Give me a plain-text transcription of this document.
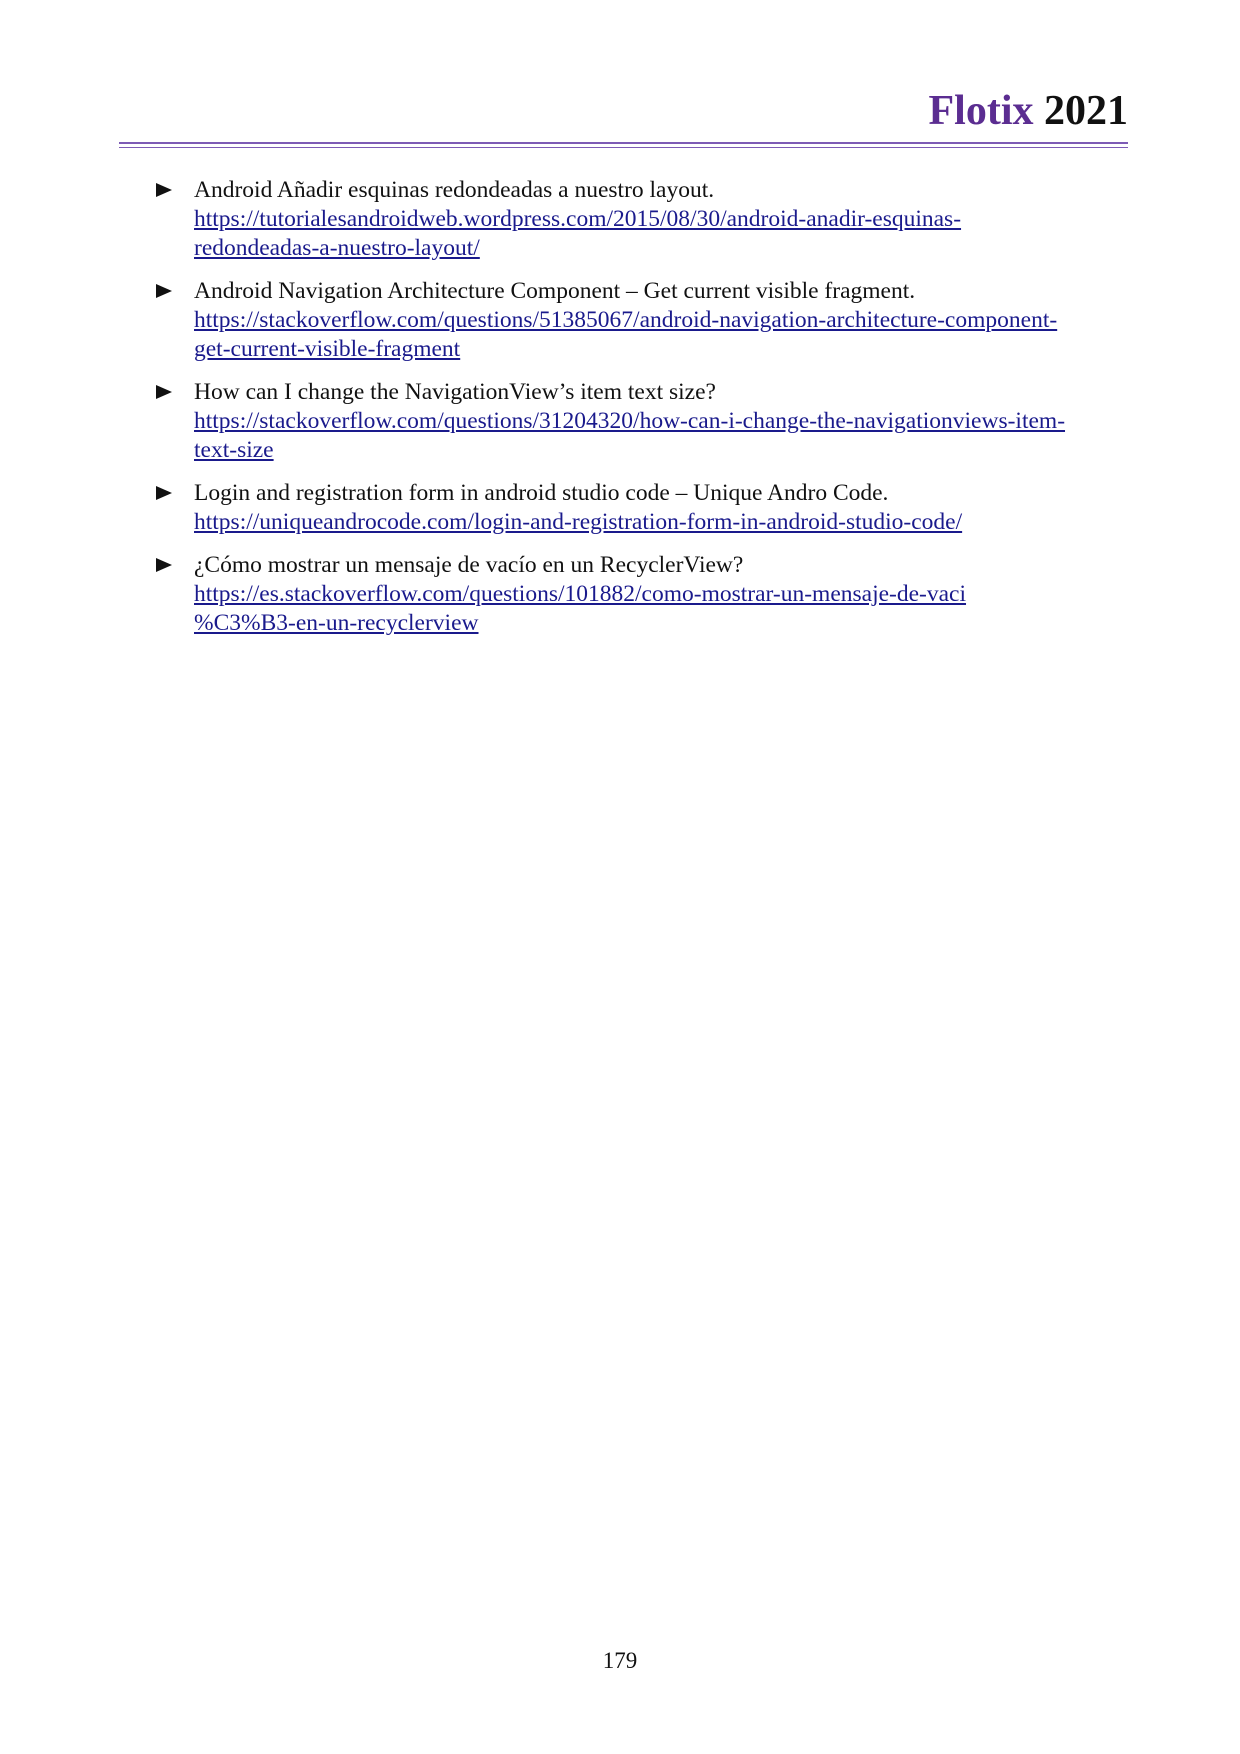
Flotix 2021
Android Añadir esquinas redondeadas a nuestro layout.
https://tutorialesandroidweb.wordpress.com/2015/08/30/android-anadir-esquinas-
redondeadas-a-nuestro-layout/
Android Navigation Architecture Component – Get current visible fragment.
https://stackoverflow.com/questions/51385067/android-navigation-architecture-component-
get-current-visible-fragment
How can I change the NavigationView’s item text size?
https://stackoverflow.com/questions/31204320/how-can-i-change-the-navigationviews-item-
text-size
Login and registration form in android studio code – Unique Andro Code.
https://uniqueandrocode.com/login-and-registration-form-in-android-studio-code/
¿Cómo mostrar un mensaje de vacío en un RecyclerView?
https://es.stackoverflow.com/questions/101882/como-mostrar-un-mensaje-de-vaci
%C3%B3-en-un-recyclerview
179
